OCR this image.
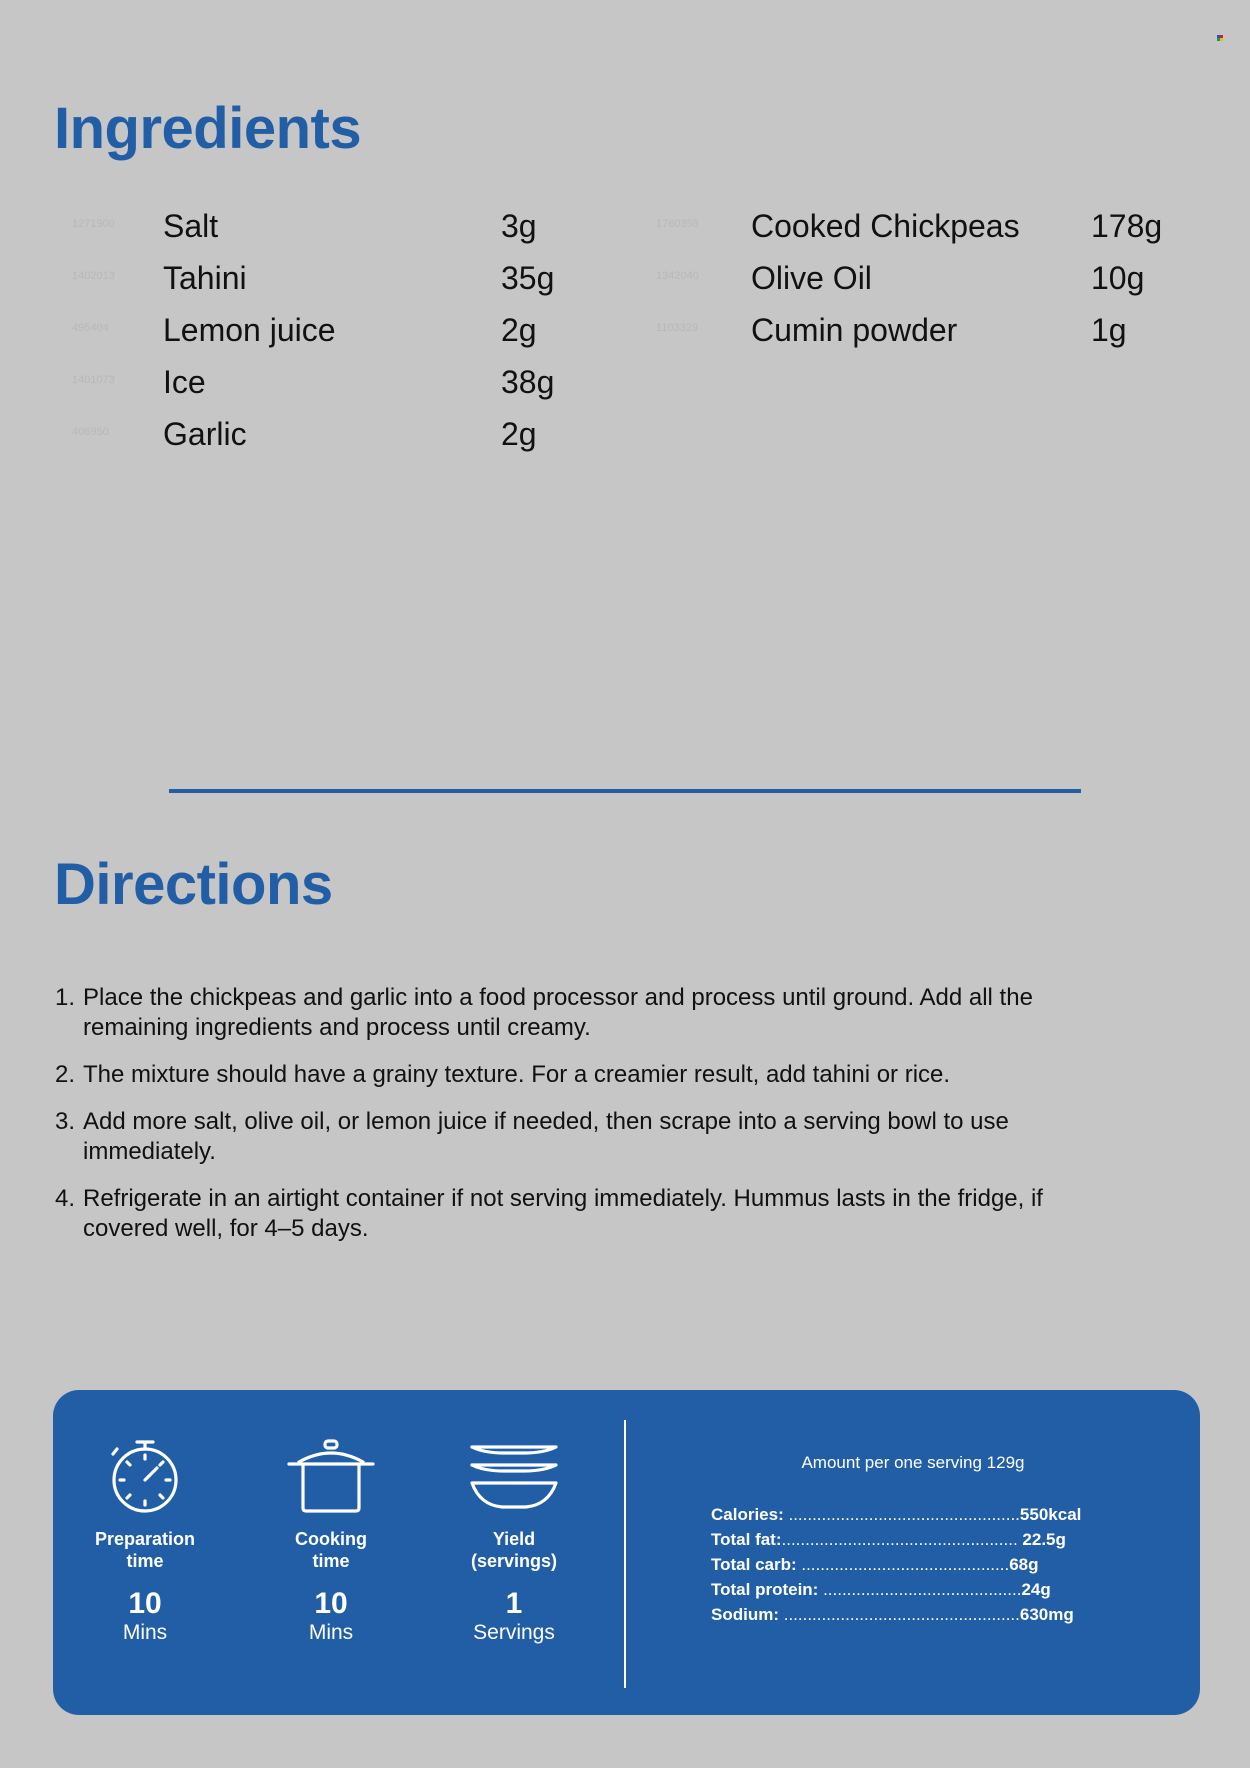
Ingredients
1271900 Salt	3g
1402013 Tahini	35g
495404 Lemon juice	2g
1401073 Ice	38g
406950 Garlic	2g
1760358 Cooked Chickpeas 178g
1342040 Olive Oil	10g
1103329 Cumin powder	1g
Directions
1. Place the chickpeas and garlic into a food processor and process until ground. Add all the remaining ingredients and process until creamy.
2. The mixture should have a grainy texture. For a creamier result, add tahini or rice.
3. Add more salt, olive oil, or lemon juice if needed, then scrape into a serving bowl to use immediately.
4. Refrigerate in an airtight container if not serving immediately. Hummus lasts in the fridge, if covered well, for 4–5 days.
Preparation
time
10
Mins
Cooking
time
10
Mins
Yield
(servings)
1
Servings
Amount per one serving 129g
Calories: .................................................550kcal
Total fat:.................................................. 22.5g
Total carb: ............................................68g
Total protein: ..........................................24g
Sodium: ..................................................630mg
